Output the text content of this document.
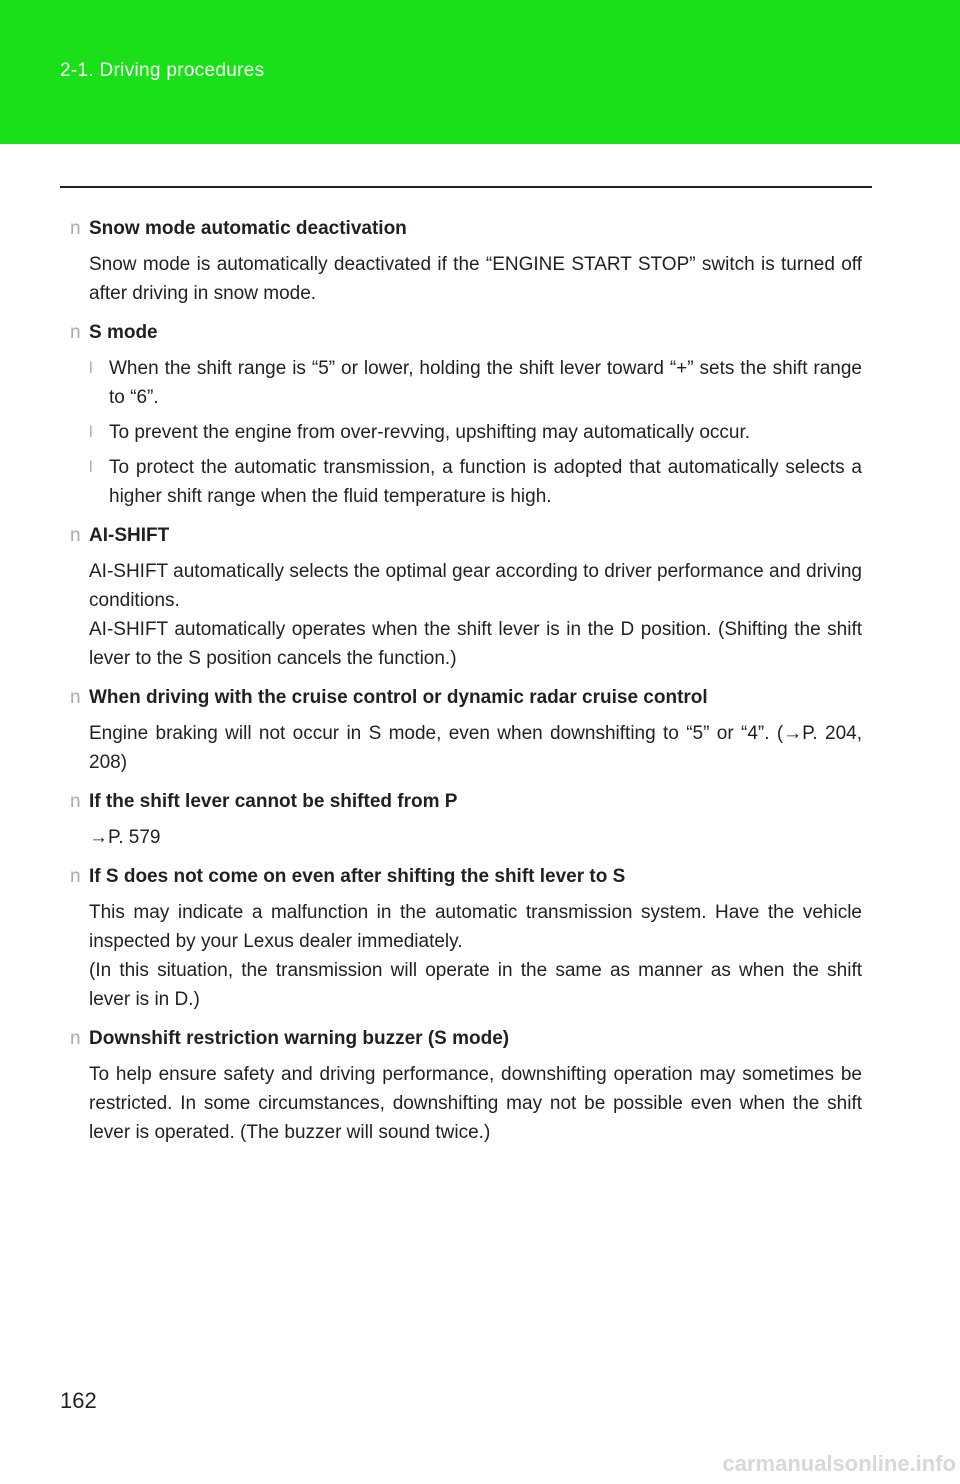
2-1. Driving procedures
n Snow mode automatic deactivation
Snow mode is automatically deactivated if the “ENGINE START STOP” switch is turned off after driving in snow mode.
n S mode
l When the shift range is “5” or lower, holding the shift lever toward “+” sets the shift range to “6”.
l To prevent the engine from over-revving, upshifting may automatically occur.
l To protect the automatic transmission, a function is adopted that automatically selects a higher shift range when the fluid temperature is high.
n AI-SHIFT
AI-SHIFT automatically selects the optimal gear according to driver performance and driving conditions.
AI-SHIFT automatically operates when the shift lever is in the D position. (Shifting the shift lever to the S position cancels the function.)
n When driving with the cruise control or dynamic radar cruise control
Engine braking will not occur in S mode, even when downshifting to “5” or “4”. (→P. 204, 208)
n If the shift lever cannot be shifted from P
→P. 579
n If S does not come on even after shifting the shift lever to S
This may indicate a malfunction in the automatic transmission system. Have the vehicle inspected by your Lexus dealer immediately.
(In this situation, the transmission will operate in the same as manner as when the shift lever is in D.)
n Downshift restriction warning buzzer (S mode)
To help ensure safety and driving performance, downshifting operation may sometimes be restricted. In some circumstances, downshifting may not be possible even when the shift lever is operated. (The buzzer will sound twice.)
162
carmanualsonline.info
